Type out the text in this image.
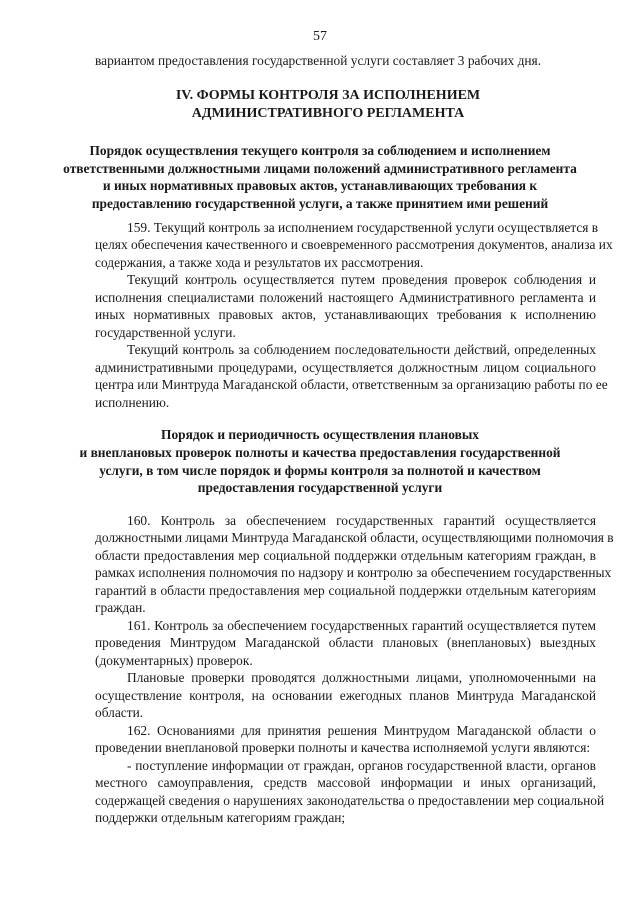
57
вариантом предоставления государственной услуги составляет 3 рабочих дня.
IV. ФОРМЫ КОНТРОЛЯ ЗА ИСПОЛНЕНИЕМ
АДМИНИСТРАТИВНОГО РЕГЛАМЕНТА
Порядок осуществления текущего контроля за соблюдением и исполнением
ответственными должностными лицами положений административного регламента
и иных нормативных правовых актов, устанавливающих требования к
предоставлению государственной услуги, а также принятием ими решений
159. Текущий контроль за исполнением государственной услуги осуществляется в
целях обеспечения качественного и своевременного рассмотрения документов, анализа их
содержания, а также хода и результатов их рассмотрения.
Текущий контроль осуществляется путем проведения проверок соблюдения и
исполнения специалистами положений настоящего Административного регламента и
иных нормативных правовых актов, устанавливающих требования к исполнению
государственной услуги.
Текущий контроль за соблюдением последовательности действий, определенных
административными процедурами, осуществляется должностным лицом социального
центра или Минтруда Магаданской области, ответственным за организацию работы по ее
исполнению.
Порядок и периодичность осуществления плановых
и внеплановых проверок полноты и качества предоставления государственной
услуги, в том числе порядок и формы контроля за полнотой и качеством
предоставления государственной услуги
160. Контроль за обеспечением государственных гарантий осуществляется
должностными лицами Минтруда Магаданской области, осуществляющими полномочия в
области предоставления мер социальной поддержки отдельным категориям граждан, в
рамках исполнения полномочия по надзору и контролю за обеспечением государственных
гарантий в области предоставления мер социальной поддержки отдельным категориям
граждан.
161. Контроль за обеспечением государственных гарантий осуществляется путем
проведения Минтрудом Магаданской области плановых (внеплановых) выездных
(документарных) проверок.
Плановые проверки проводятся должностными лицами, уполномоченными на
осуществление контроля, на основании ежегодных планов Минтруда Магаданской
области.
162. Основаниями для принятия решения Минтрудом Магаданской области о
проведении внеплановой проверки полноты и качества исполняемой услуги являются:
- поступление информации от граждан, органов государственной власти, органов
местного самоуправления, средств массовой информации и иных организаций,
содержащей сведения о нарушениях законодательства о предоставлении мер социальной
поддержки отдельным категориям граждан;
